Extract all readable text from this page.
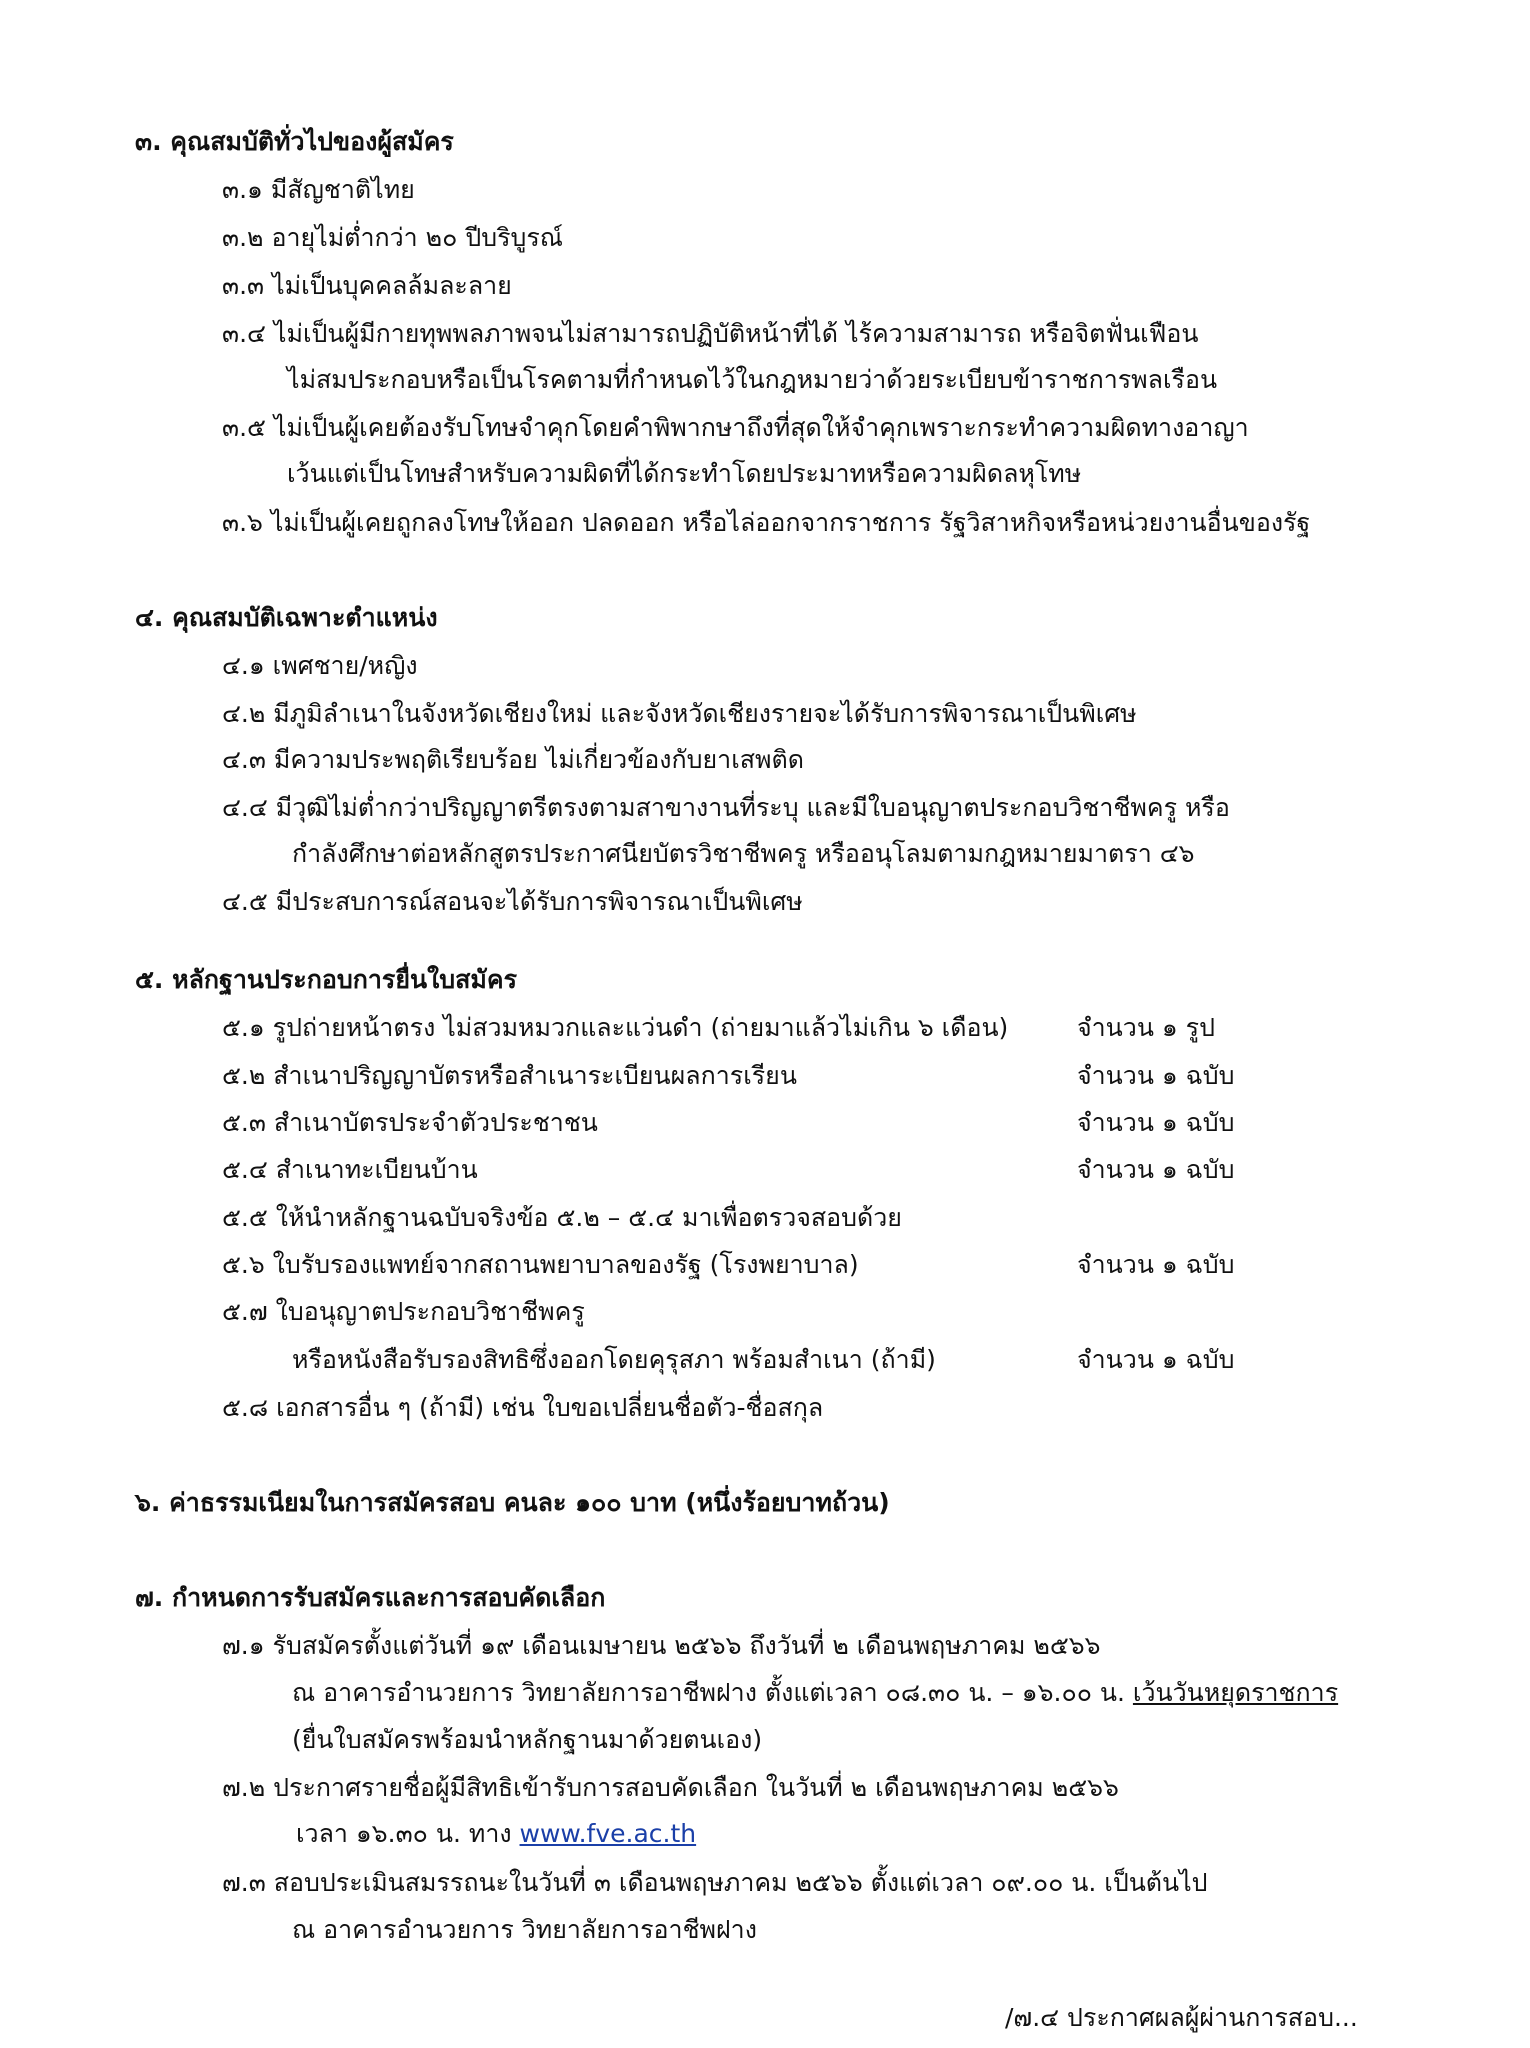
๓. คุณสมบัติทั่วไปของผู้สมัคร
๓.๑ มีสัญชาติไทย
๓.๒ อายุไม่ต่ำกว่า ๒๐ ปีบริบูรณ์
๓.๓ ไม่เป็นบุคคลล้มละลาย
๓.๔ ไม่เป็นผู้มีกายทุพพลภาพจนไม่สามารถปฏิบัติหน้าที่ได้ ไร้ความสามารถ หรือจิตฟั่นเฟือน
ไม่สมประกอบหรือเป็นโรคตามที่กำหนดไว้ในกฎหมายว่าด้วยระเบียบข้าราชการพลเรือน
๓.๕ ไม่เป็นผู้เคยต้องรับโทษจำคุกโดยคำพิพากษาถึงที่สุดให้จำคุกเพราะกระทำความผิดทางอาญา
เว้นแต่เป็นโทษสำหรับความผิดที่ได้กระทำโดยประมาทหรือความผิดลหุโทษ
๓.๖ ไม่เป็นผู้เคยถูกลงโทษให้ออก ปลดออก หรือไล่ออกจากราชการ รัฐวิสาหกิจหรือหน่วยงานอื่นของรัฐ
๔. คุณสมบัติเฉพาะตำแหน่ง
๔.๑ เพศชาย/หญิง
๔.๒ มีภูมิลำเนาในจังหวัดเชียงใหม่ และจังหวัดเชียงรายจะได้รับการพิจารณาเป็นพิเศษ
๔.๓ มีความประพฤติเรียบร้อย ไม่เกี่ยวข้องกับยาเสพติด
๔.๔ มีวุฒิไม่ต่ำกว่าปริญญาตรีตรงตามสาขางานที่ระบุ และมีใบอนุญาตประกอบวิชาชีพครู หรือ
กำลังศึกษาต่อหลักสูตรประกาศนียบัตรวิชาชีพครู หรืออนุโลมตามกฎหมายมาตรา ๔๖
๔.๕ มีประสบการณ์สอนจะได้รับการพิจารณาเป็นพิเศษ
๕. หลักฐานประกอบการยื่นใบสมัคร
๕.๑ รูปถ่ายหน้าตรง ไม่สวมหมวกและแว่นดำ (ถ่ายมาแล้วไม่เกิน ๖ เดือน)	จำนวน ๑ รูป
๕.๒ สำเนาปริญญาบัตรหรือสำเนาระเบียนผลการเรียน	จำนวน ๑ ฉบับ
๕.๓ สำเนาบัตรประจำตัวประชาชน	จำนวน ๑ ฉบับ
๕.๔ สำเนาทะเบียนบ้าน	จำนวน ๑ ฉบับ
๕.๕ ให้นำหลักฐานฉบับจริงข้อ ๕.๒ – ๕.๔ มาเพื่อตรวจสอบด้วย
๕.๖ ใบรับรองแพทย์จากสถานพยาบาลของรัฐ (โรงพยาบาล)	จำนวน ๑ ฉบับ
๕.๗ ใบอนุญาตประกอบวิชาชีพครู
หรือหนังสือรับรองสิทธิซึ่งออกโดยคุรุสภา พร้อมสำเนา (ถ้ามี)	จำนวน ๑ ฉบับ
๕.๘ เอกสารอื่น ๆ (ถ้ามี) เช่น ใบขอเปลี่ยนชื่อตัว-ชื่อสกุล
๖. ค่าธรรมเนียมในการสมัครสอบ คนละ ๑๐๐ บาท (หนึ่งร้อยบาทถ้วน)
๗. กำหนดการรับสมัครและการสอบคัดเลือก
๗.๑ รับสมัครตั้งแต่วันที่ ๑๙ เดือนเมษายน ๒๕๖๖ ถึงวันที่ ๒ เดือนพฤษภาคม ๒๕๖๖
ณ อาคารอำนวยการ วิทยาลัยการอาชีพฝาง ตั้งแต่เวลา ๐๘.๓๐ น. – ๑๖.๐๐ น. เว้นวันหยุดราชการ
(ยื่นใบสมัครพร้อมนำหลักฐานมาด้วยตนเอง)
๗.๒ ประกาศรายชื่อผู้มีสิทธิเข้ารับการสอบคัดเลือก ในวันที่ ๒ เดือนพฤษภาคม ๒๕๖๖
เวลา ๑๖.๓๐ น. ทาง www.fve.ac.th
๗.๓ สอบประเมินสมรรถนะในวันที่ ๓ เดือนพฤษภาคม ๒๕๖๖ ตั้งแต่เวลา ๐๙.๐๐ น. เป็นต้นไป
ณ อาคารอำนวยการ วิทยาลัยการอาชีพฝาง
/๗.๔ ประกาศผลผู้ผ่านการสอบ...
